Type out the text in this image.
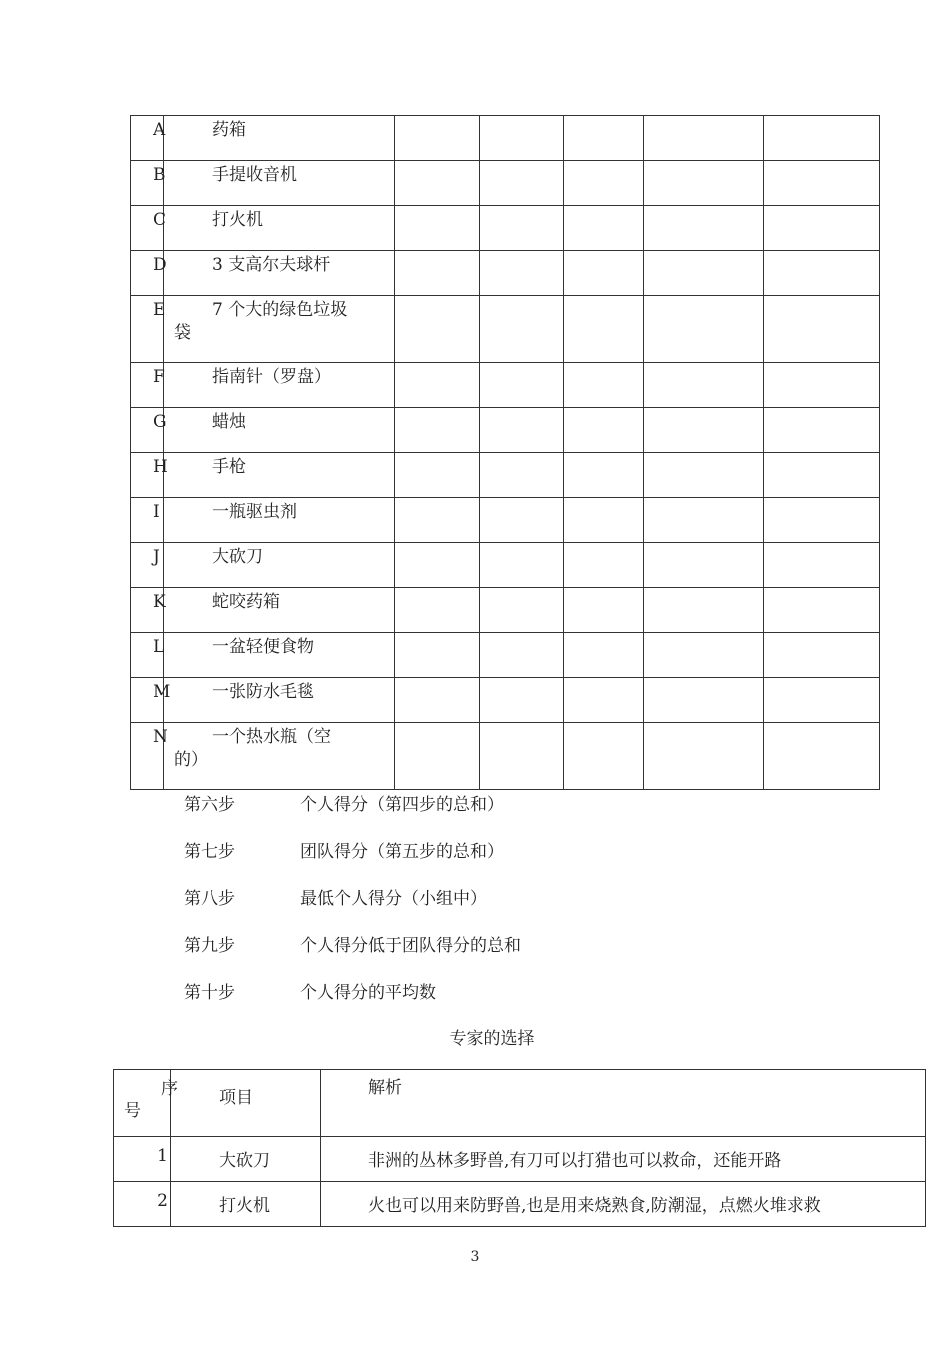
A	药箱					

B	手提收音机					

C	打火机					

D	3 支高尔夫球杆					

E	7 个大的绿色垃圾
袋					

F	指南针（罗盘）					

G	蜡烛					

H	手枪					

I	一瓶驱虫剂					

J	大砍刀					

K	蛇咬药箱					

L	一盆轻便食物					

M	一张防水毛毯					

N	一个热水瓶（空
的）					

第六步	个人得分（第四步的总和）
第七步	团队得分（第五步的总和）
第八步	最低个人得分（小组中）
第九步	个人得分低于团队得分的总和
第十步	个人得分的平均数
专家的选择
序
号	项目	解析

1	大砍刀	非洲的丛林多野兽,有刀可以打猎也可以救命，还能开路

2	打火机	火也可以用来防野兽,也是用来烧熟食,防潮湿，点燃火堆求救
3
